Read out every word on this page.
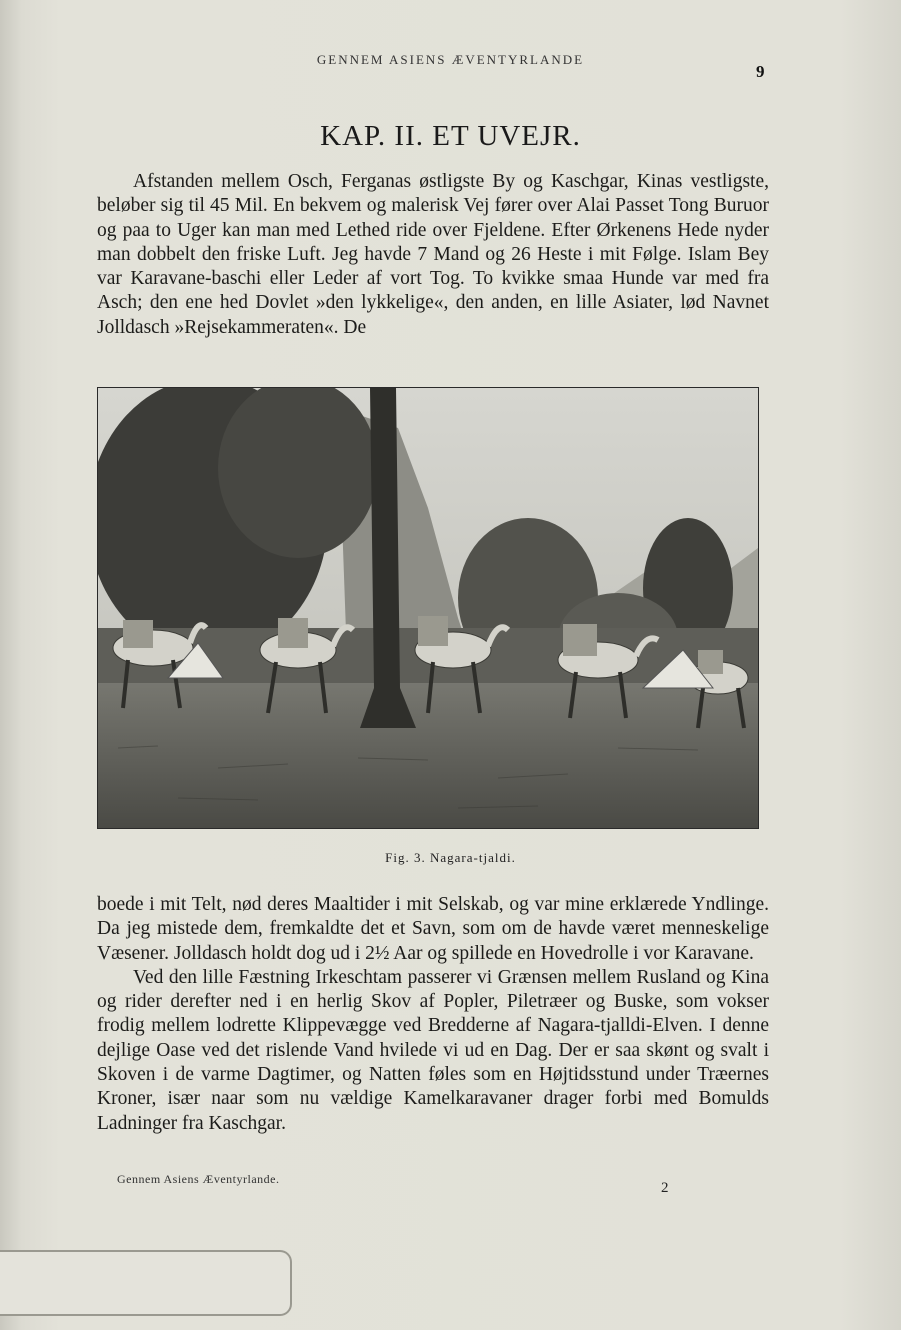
GENNEM ASIENS ÆVENTYRLANDE
9
KAP. II. ET UVEJR.
Afstanden mellem Osch, Ferganas østligste By og Kaschgar, Kinas vestligste, beløber sig til 45 Mil. En bekvem og malerisk Vej fører over Alai Passet Tong Buruor og paa to Uger kan man med Lethed ride over Fjeldene. Efter Ørkenens Hede nyder man dobbelt den friske Luft. Jeg havde 7 Mand og 26 Heste i mit Følge. Islam Bey var Karavane-baschi eller Leder af vort Tog. To kvikke smaa Hunde var med fra Asch; den ene hed Dovlet »den lykkelige«, den anden, en lille Asiater, lød Navnet Jolldasch »Rejsekammeraten«. De
Fig. 3. Nagara-tjaldi.

boede i mit Telt, nød deres Maaltider i mit Selskab, og var mine erklærede Yndlinge. Da jeg mistede dem, fremkaldte det et Savn, som om de havde været menneskelige Væsener. Jolldasch holdt dog ud i 2½ Aar og spillede en Hovedrolle i vor Karavane.

Ved den lille Fæstning Irkeschtam passerer vi Grænsen mellem Rusland og Kina og rider derefter ned i en herlig Skov af Popler, Piletræer og Buske, som vokser frodig mellem lodrette Klippevægge ved Bredderne af Nagara-tjalldi-Elven. I denne dejlige Oase ved det rislende Vand hvilede vi ud en Dag. Der er saa skønt og svalt i Skoven i de varme Dagtimer, og Natten føles som en Højtidsstund under Træernes Kroner, især naar som nu vældige Kamelkaravaner drager forbi med Bomulds Ladninger fra Kaschgar.

Gennem Asiens Æventyrlande.
2
